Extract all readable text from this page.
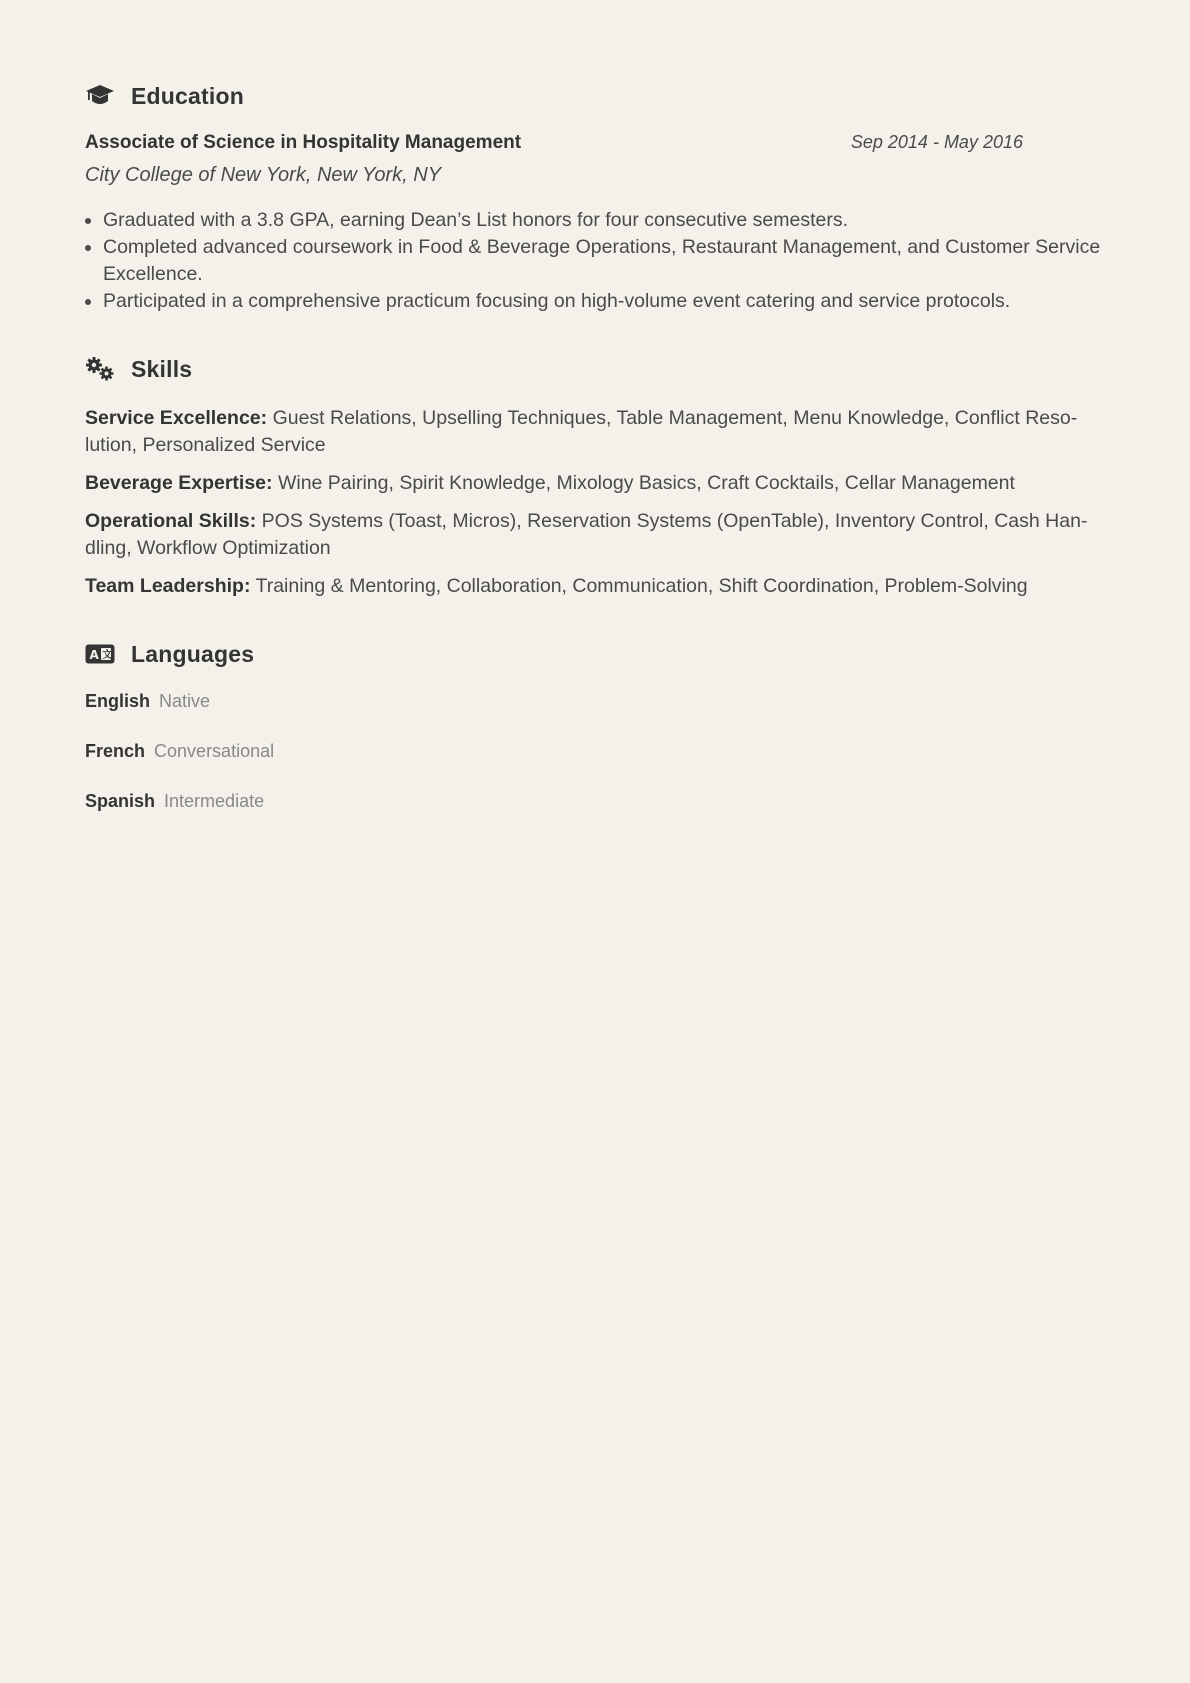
Education
Associate of Science in Hospitality Management	Sep 2014 - May 2016
City College of New York, New York, NY
• Graduated with a 3.8 GPA, earning Dean’s List honors for four consecutive semesters.
• Completed advanced coursework in Food & Beverage Operations, Restaurant Management, and Customer Service Excellence.
• Participated in a comprehensive practicum focusing on high-volume event catering and service protocols.
Skills
Service Excellence: Guest Relations, Upselling Techniques, Table Management, Menu Knowledge, Conflict Resolution, Personalized Service
Beverage Expertise: Wine Pairing, Spirit Knowledge, Mixology Basics, Craft Cocktails, Cellar Management
Operational Skills: POS Systems (Toast, Micros), Reservation Systems (OpenTable), Inventory Control, Cash Handling, Workflow Optimization
Team Leadership: Training & Mentoring, Collaboration, Communication, Shift Coordination, Problem-Solving
A 文 Languages
English Native
French Conversational
Spanish Intermediate
